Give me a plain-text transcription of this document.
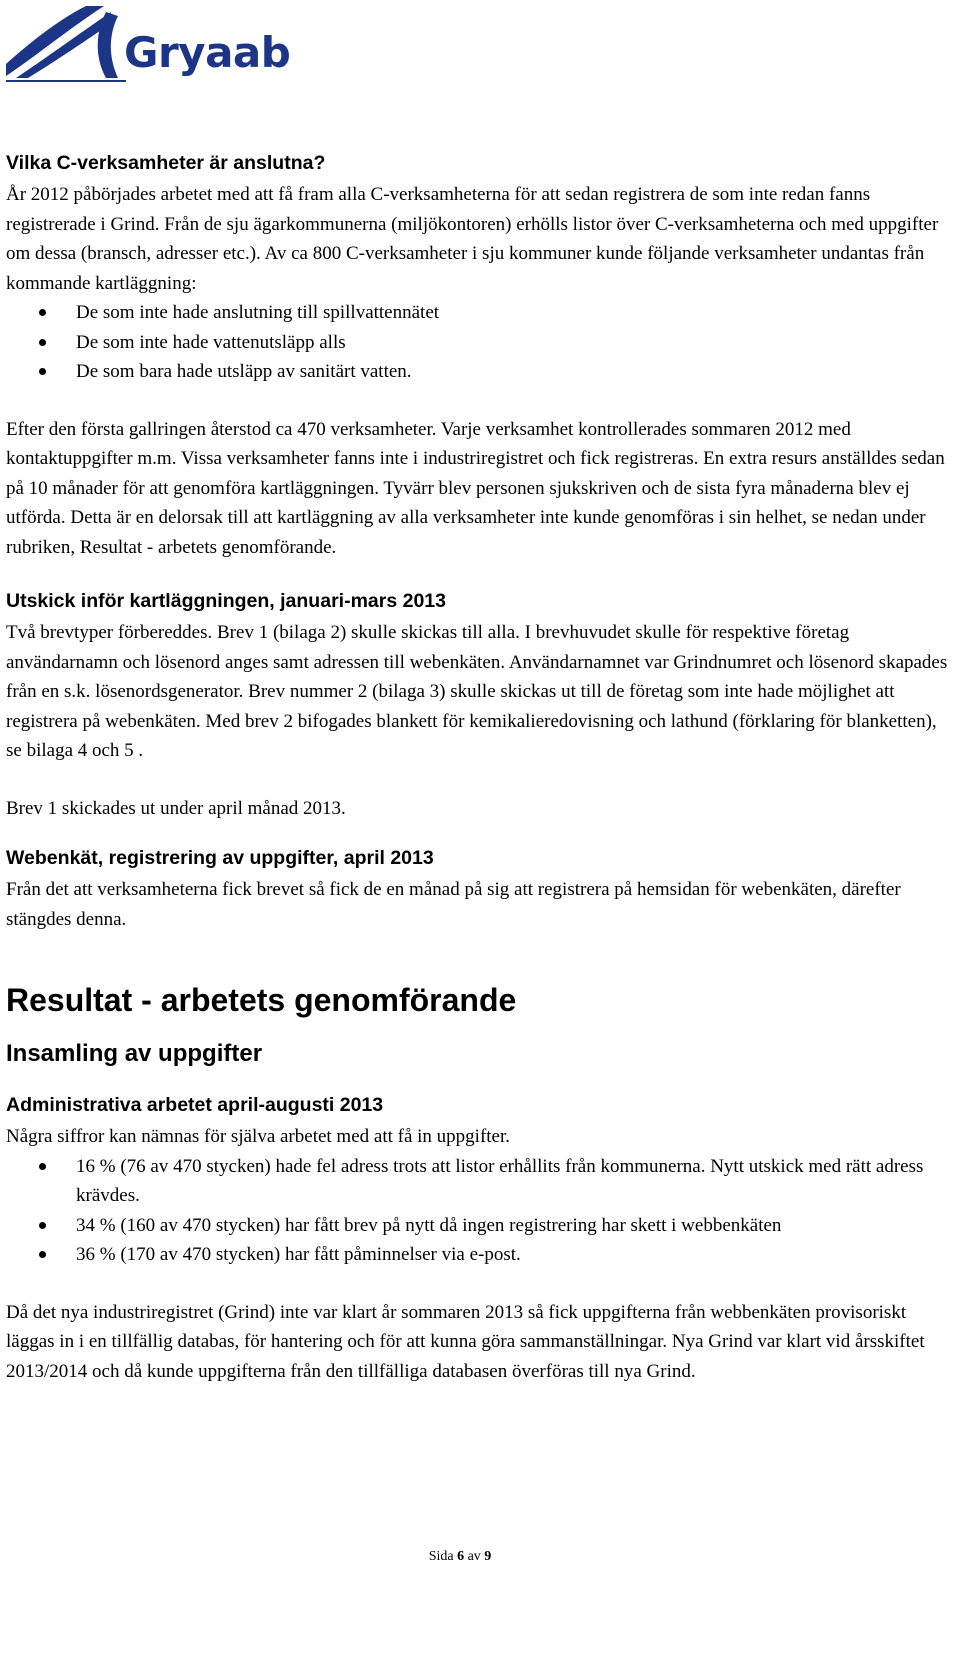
Gryaab
Vilka C-verksamheter är anslutna?

År 2012 påbörjades arbetet med att få fram alla C-verksamheterna för att sedan registrera de som inte redan fanns registrerade i Grind. Från de sju ägarkommunerna (miljökontoren) erhölls listor över C-verksamheterna och med uppgifter om dessa (bransch, adresser etc.). Av ca 800 C-verksamheter i sju kommuner kunde följande verksamheter undantas från kommande kartläggning:

De som inte hade anslutning till spillvattennätet
De som inte hade vattenutsläpp alls
De som bara hade utsläpp av sanitärt vatten.

Efter den första gallringen återstod ca 470 verksamheter. Varje verksamhet kontrollerades sommaren 2012 med kontaktuppgifter m.m. Vissa verksamheter fanns inte i industriregistret och fick registreras. En extra resurs anställdes sedan på 10 månader för att genomföra kartläggningen. Tyvärr blev personen sjukskriven och de sista fyra månaderna blev ej utförda. Detta är en delorsak till att kartläggning av alla verksamheter inte kunde genomföras i sin helhet, se nedan under rubriken, Resultat - arbetets genomförande.

Utskick inför kartläggningen, januari-mars 2013

Två brevtyper förbereddes. Brev 1 (bilaga 2) skulle skickas till alla. I brevhuvudet skulle för respektive företag användarnamn och lösenord anges samt adressen till webenkäten. Användarnamnet var Grindnumret och lösenord skapades från en s.k. lösenordsgenerator. Brev nummer 2 (bilaga 3) skulle skickas ut till de företag som inte hade möjlighet att registrera på webenkäten. Med brev 2 bifogades blankett för kemikalieredovisning och lathund (förklaring för blanketten), se bilaga 4 och 5 .

Brev 1 skickades ut under april månad 2013.

Webenkät, registrering av uppgifter, april 2013

Från det att verksamheterna fick brevet så fick de en månad på sig att registrera på hemsidan för webenkäten, därefter stängdes denna.

Resultat - arbetets genomförande
Insamling av uppgifter
Administrativa arbetet april-augusti 2013

Några siffror kan nämnas för själva arbetet med att få in uppgifter.

16 % (76 av 470 stycken) hade fel adress trots att listor erhållits från kommunerna. Nytt utskick med rätt adress krävdes.
34 % (160 av 470 stycken) har fått brev på nytt då ingen registrering har skett i webbenkäten
36 % (170 av 470 stycken) har fått påminnelser via e-post.

Då det nya industriregistret (Grind) inte var klart år sommaren 2013 så fick uppgifterna från webbenkäten provisoriskt läggas in i en tillfällig databas, för hantering och för att kunna göra sammanställningar. Nya Grind var klart vid årsskiftet 2013/2014 och då kunde uppgifterna från den tillfälliga databasen överföras till nya Grind.

Sida 6 av 9
